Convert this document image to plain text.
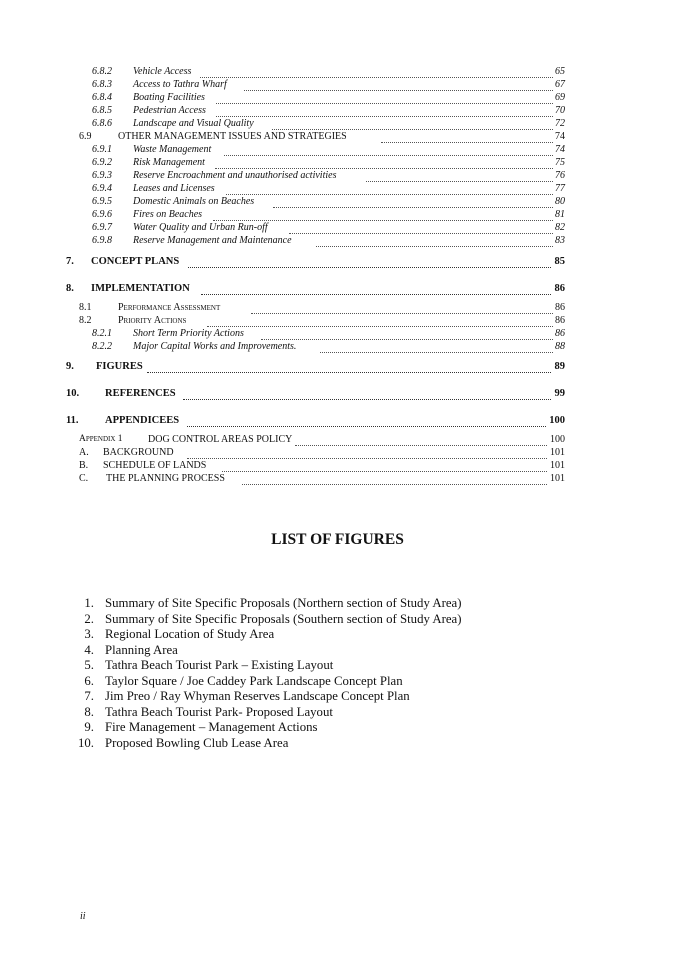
6.8.2 Vehicle Access	65
6.8.3 Access to Tathra Wharf	67
6.8.4 Boating Facilities	69
6.8.5 Pedestrian Access	70
6.8.6 Landscape and Visual Quality	72
6.9	OTHER MANAGEMENT ISSUES AND STRATEGIES	74
6.9.1 Waste Management	74
6.9.2 Risk Management	75
6.9.3 Reserve Encroachment and unauthorised activities	76
6.9.4 Leases and Licenses	77
6.9.5 Domestic Animals on Beaches	80
6.9.6 Fires on Beaches	81
6.9.7 Water Quality and Urban Run-off	82
6.9.8 Reserve Management and Maintenance	83
7. CONCEPT PLANS	85
8. IMPLEMENTATION	86
8.1	Performance Assessment	86
8.2	Priority Actions	86
8.2.1 Short Term Priority Actions	86
8.2.2 Major Capital Works and Improvements.	88
9. FIGURES	89
10. REFERENCES	99
11.	APPENDICEES	100
Appendix 1	DOG CONTROL AREAS POLICY	100
A. BACKGROUND	101
B. SCHEDULE OF LANDS	101
C. THE PLANNING PROCESS	101
LIST OF FIGURES
1. Summary of Site Specific Proposals (Northern section of Study Area)
2. Summary of Site Specific Proposals (Southern section of Study Area)
3. Regional Location of Study Area
4. Planning Area
5. Tathra Beach Tourist Park – Existing Layout
6. Taylor Square / Joe Caddey Park Landscape Concept Plan
7. Jim Preo / Ray Whyman Reserves Landscape Concept Plan
8. Tathra Beach Tourist Park- Proposed Layout
9. Fire Management – Management Actions
10. Proposed Bowling Club Lease Area
ii
